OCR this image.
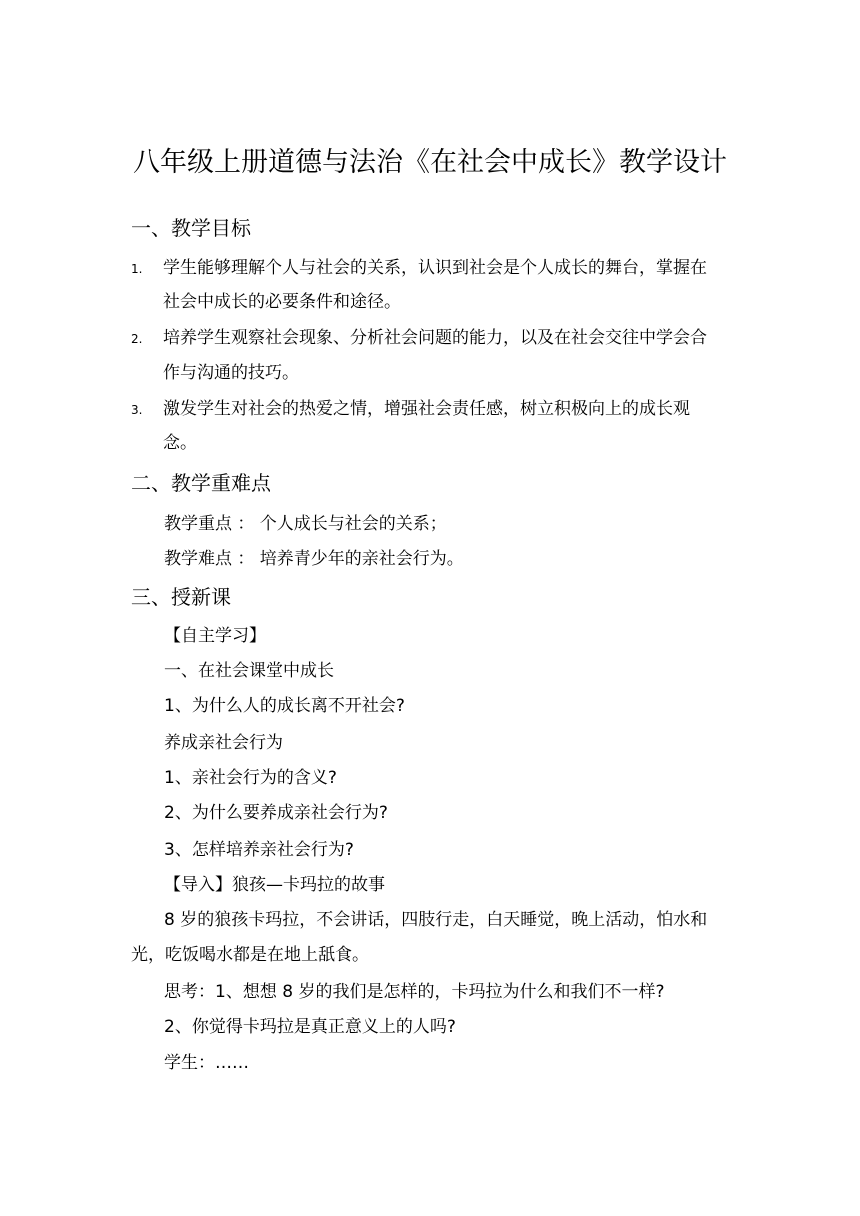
八年级上册道德与法治《在社会中成长》教学设计
一、教学目标
1. 学生能够理解个人与社会的关系，认识到社会是个人成长的舞台，掌握在
社会中成长的必要条件和途径。
2. 培养学生观察社会现象、分析社会问题的能力，以及在社会交往中学会合
作与沟通的技巧。
3. 激发学生对社会的热爱之情，增强社会责任感，树立积极向上的成长观
念。
二、教学重难点
教学重点 ： 个人成长与社会的关系；
教学难点 ： 培养青少年的亲社会行为。
三、授新课
【自主学习】
一、在社会课堂中成长
1、为什么人的成长离不开社会?
养成亲社会行为
1、亲社会行为的含义?
2、为什么要养成亲社会行为?
3、怎样培养亲社会行为?
【导入】狼孩—卡玛拉的故事
8 岁的狼孩卡玛拉，不会讲话，四肢行走，白天睡觉，晚上活动，怕水和
光，吃饭喝水都是在地上舐食。
思考：1、想想 8 岁的我们是怎样的，卡玛拉为什么和我们不一样?
2、你觉得卡玛拉是真正意义上的人吗?
学生：……
